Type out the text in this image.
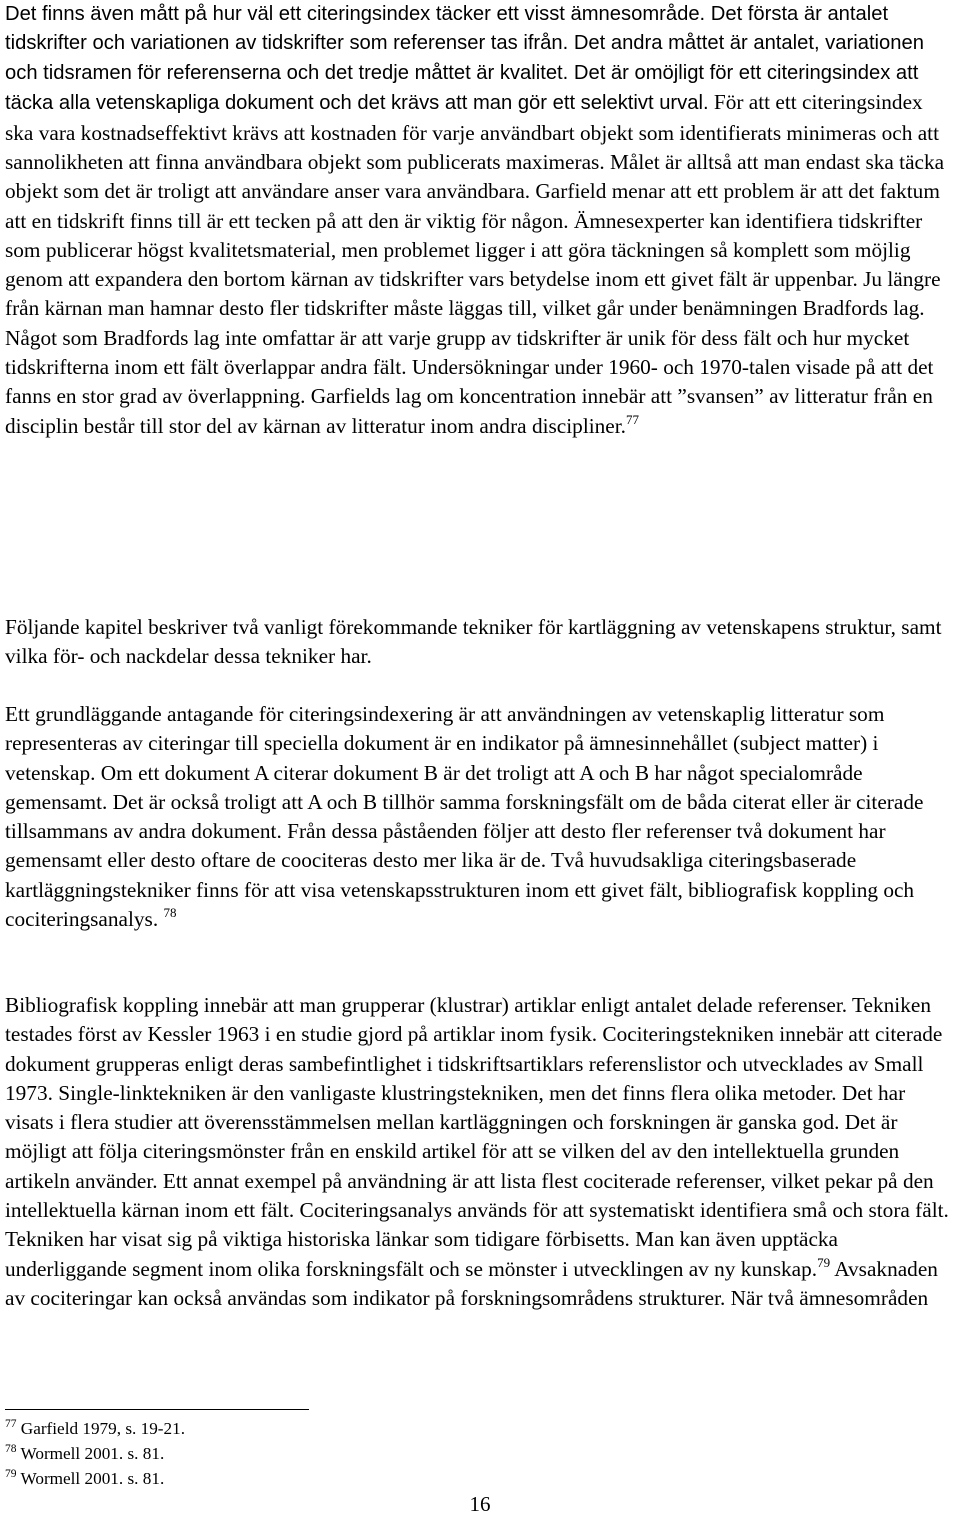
Det finns även mått på hur väl ett citeringsindex täcker ett visst ämnesområde. Det första är antalet tidskrifter och variationen av tidskrifter som referenser tas ifrån. Det andra måttet är antalet, variationen och tidsramen för referenserna och det tredje måttet är kvalitet. Det är omöjligt för ett citeringsindex att täcka alla vetenskapliga dokument och det krävs att man gör ett selektivt urval.

För att ett citeringsindex ska vara kostnadseffektivt krävs att kostnaden för varje användbart objekt som identifierats minimeras och att sannolikheten att finna användbara objekt som publicerats maximeras. Målet är alltså att man endast ska täcka objekt som det är troligt att användare anser vara användbara. Garfield menar att ett problem är att det faktum att en tidskrift finns till är ett tecken på att den är viktig för någon. Ämnesexperter kan identifiera tidskrifter som publicerar högst kvalitetsmaterial, men problemet ligger i att göra täckningen så komplett som möjlig genom att expandera den bortom kärnan av tidskrifter vars betydelse inom ett givet fält är uppenbar. Ju längre från kärnan man hamnar desto fler tidskrifter måste läggas till, vilket går under benämningen Bradfords lag. Något som Bradfords lag inte omfattar är att varje grupp av tidskrifter är unik för dess fält och hur mycket tidskrifterna inom ett fält överlappar andra fält. Undersökningar under 1960- och 1970-talen visade på att det fanns en stor grad av överlappning. Garfields lag om koncentration innebär att ”svansen” av litteratur från en disciplin består till stor del av kärnan av litteratur inom andra discipliner.$^{77}$

Följande kapitel beskriver två vanligt förekommande tekniker för kartläggning av vetenskapens struktur, samt vilka för- och nackdelar dessa tekniker har.

Ett grundläggande antagande för citeringsindexering är att användningen av vetenskaplig litteratur som representeras av citeringar till speciella dokument är en indikator på ämnesinnehållet (subject matter) i vetenskap. Om ett dokument A citerar dokument B är det troligt att A och B har något specialområde gemensamt. Det är också troligt att A och B tillhör samma forskningsfält om de båda citerat eller är citerade tillsammans av andra dokument. Från dessa påståenden följer att desto fler referenser två dokument har gemensamt eller desto oftare de coociteras desto mer lika är de. Två huvudsakliga citeringsbaserade kartläggningstekniker finns för att visa vetenskapsstrukturen inom ett givet fält, bibliografisk koppling och cociteringsanalys. $^{78}$

Bibliografisk koppling innebär att man grupperar (klustrar) artiklar enligt antalet delade referenser. Tekniken testades först av Kessler 1963 i en studie gjord på artiklar inom fysik. Cociteringstekniken innebär att citerade dokument grupperas enligt deras sambefintlighet i tidskriftsartiklars referenslistor och utvecklades av Small 1973. Single-linktekniken är den vanligaste klustringstekniken, men det finns flera olika metoder. Det har visats i flera studier att överensstämmelsen mellan kartläggningen och forskningen är ganska god. Det är möjligt att följa citeringsmönster från en enskild artikel för att se vilken del av den intellektuella grunden artikeln använder. Ett annat exempel på användning är att lista flest cociterade referenser, vilket pekar på den intellektuella kärnan inom ett fält. Cociteringsanalys används för att systematiskt identifiera små och stora fält. Tekniken har visat sig på viktiga historiska länkar som tidigare förbisetts. Man kan även upptäcka underliggande segment inom olika forskningsfält och se mönster i utvecklingen av ny kunskap.$^{79}$ Avsaknaden av cociteringar kan också användas som indikator på forskningsområdens strukturer. När två ämnesområden

$^{77}$ Garfield 1979, s. 19-21.
$^{78}$ Wormell 2001. s. 81.
$^{79}$ Wormell 2001. s. 81.
16
